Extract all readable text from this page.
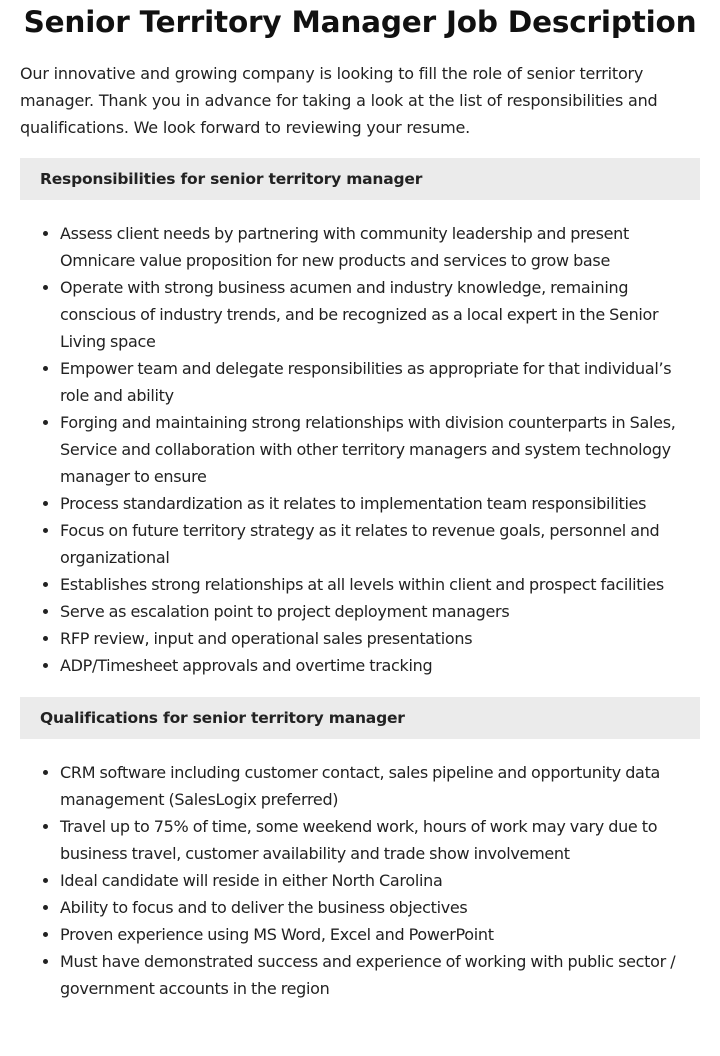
Senior Territory Manager Job Description

Our innovative and growing company is looking to fill the role of senior territory manager. Thank you in advance for taking a look at the list of responsibilities and qualifications. We look forward to reviewing your resume.

Responsibilities for senior territory manager
Assess client needs by partnering with community leadership and present Omnicare value proposition for new products and services to grow base
Operate with strong business acumen and industry knowledge, remaining conscious of industry trends, and be recognized as a local expert in the Senior Living space
Empower team and delegate responsibilities as appropriate for that individual’s role and ability
Forging and maintaining strong relationships with division counterparts in Sales, Service and collaboration with other territory managers and system technology manager to ensure
Process standardization as it relates to implementation team responsibilities
Focus on future territory strategy as it relates to revenue goals, personnel and organizational
Establishes strong relationships at all levels within client and prospect facilities
Serve as escalation point to project deployment managers
RFP review, input and operational sales presentations
ADP/Timesheet approvals and overtime tracking
Qualifications for senior territory manager
CRM software including customer contact, sales pipeline and opportunity data management (SalesLogix preferred)
Travel up to 75% of time, some weekend work, hours of work may vary due to business travel, customer availability and trade show involvement
Ideal candidate will reside in either North Carolina
Ability to focus and to deliver the business objectives
Proven experience using MS Word, Excel and PowerPoint
Must have demonstrated success and experience of working with public sector / government accounts in the region
